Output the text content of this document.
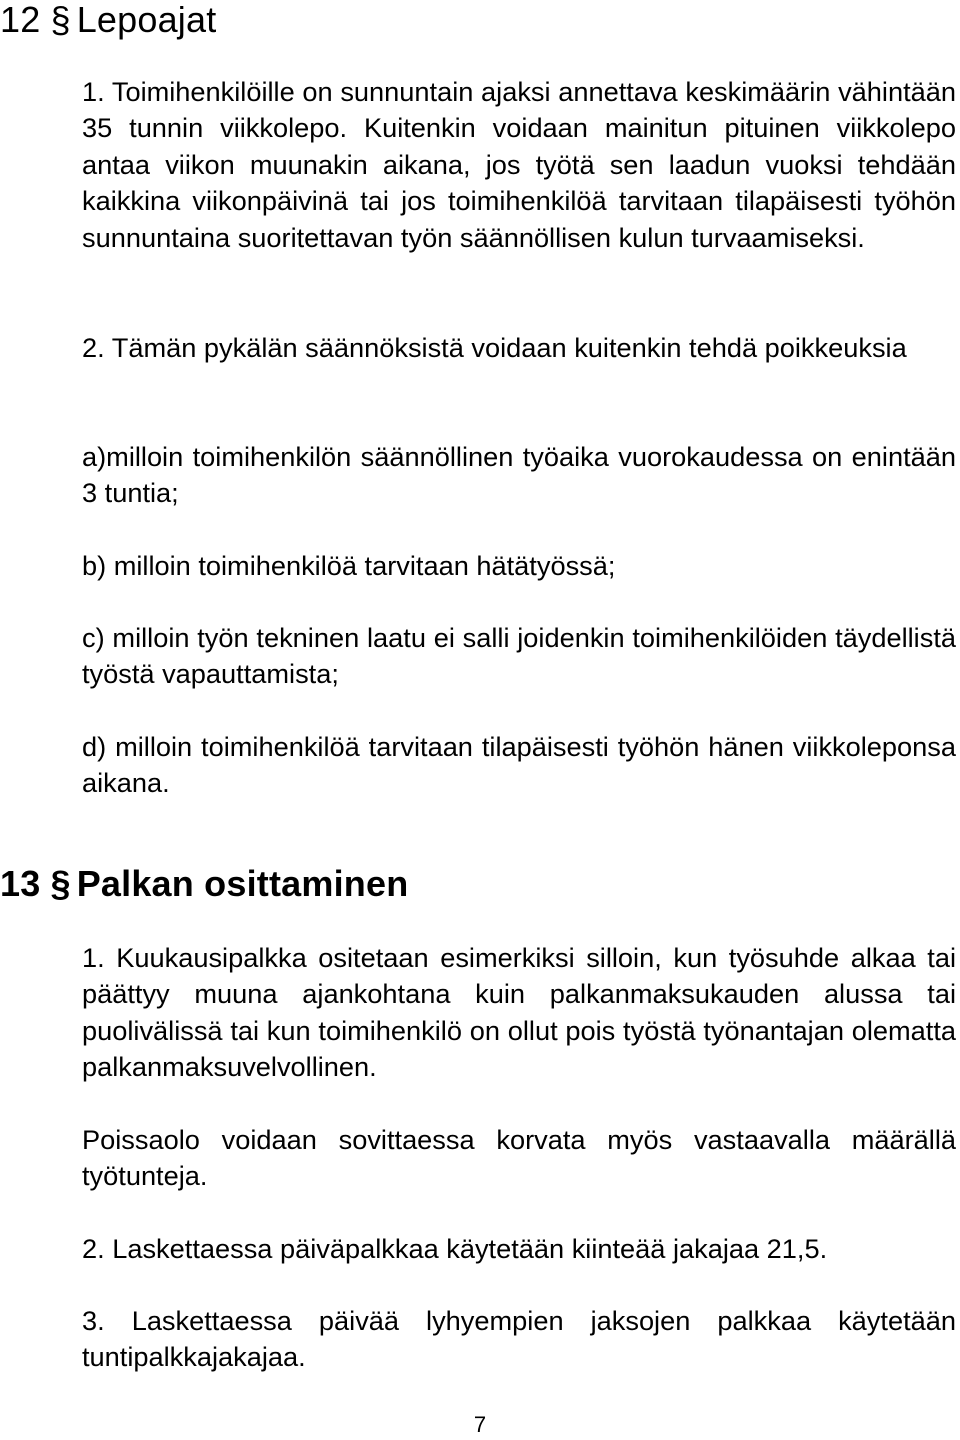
12 § Lepoajat

1. Toimihenkilöille on sunnuntain ajaksi annettava keskimäärin vähintään 35 tunnin viikkolepo. Kuitenkin voidaan mainitun pituinen viikkolepo antaa viikon muunakin aikana, jos työtä sen laadun vuoksi tehdään kaikkina viikonpäivinä tai jos toimihenkilöä tarvitaan tilapäisesti työhön sunnuntaina suoritettavan työn säännöllisen kulun turvaamiseksi.

2. Tämän pykälän säännöksistä voidaan kuitenkin tehdä poikkeuksia

a)milloin toimihenkilön säännöllinen työaika vuorokaudessa on enintään 3 tuntia;

b) milloin toimihenkilöä tarvitaan hätätyössä;

c) milloin työn tekninen laatu ei salli joidenkin toimihenkilöiden täydellistä työstä vapauttamista;

d) milloin toimihenkilöä tarvitaan tilapäisesti työhön hänen viikkoleponsa aikana.

13 § Palkan osittaminen

1. Kuukausipalkka ositetaan esimerkiksi silloin, kun työsuhde alkaa tai päättyy muuna ajankohtana kuin palkanmaksukauden alussa tai puolivälissä tai kun toimihenkilö on ollut pois työstä työnantajan olematta palkanmaksuvelvollinen.

Poissaolo voidaan sovittaessa korvata myös vastaavalla määrällä työtunteja.

2. Laskettaessa päiväpalkkaa käytetään kiinteää jakajaa 21,5.

3. Laskettaessa päivää lyhyempien jaksojen palkkaa käytetään tuntipalkkajakajaa.

7
